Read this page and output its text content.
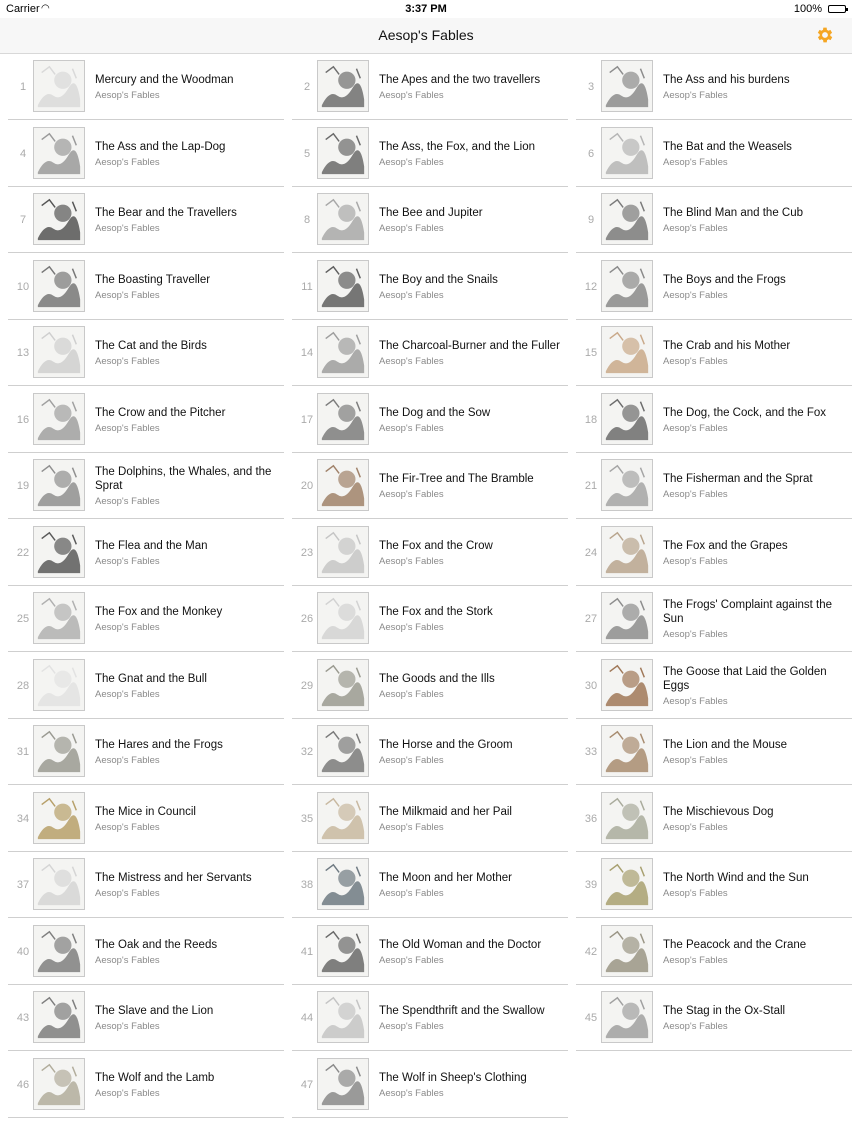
Carrier ◠	3:37 PM	100%
Aesop's Fables
1
Mercury and the Woodman
Aesop's Fables
2
The Apes and the two travellers
Aesop's Fables
3
The Ass and his burdens
Aesop's Fables
4
The Ass and the Lap-Dog
Aesop's Fables
5
The Ass, the Fox, and the Lion
Aesop's Fables
6
The Bat and the Weasels
Aesop's Fables
7
The Bear and the Travellers
Aesop's Fables
8
The Bee and Jupiter
Aesop's Fables
9
The Blind Man and the Cub
Aesop's Fables
10
The Boasting Traveller
Aesop's Fables
11
The Boy and the Snails
Aesop's Fables
12
The Boys and the Frogs
Aesop's Fables
13
The Cat and the Birds
Aesop's Fables
14
The Charcoal-Burner and the Fuller
Aesop's Fables
15
The Crab and his Mother
Aesop's Fables
16
The Crow and the Pitcher
Aesop's Fables
17
The Dog and the Sow
Aesop's Fables
18
The Dog, the Cock, and the Fox
Aesop's Fables
19
The Dolphins, the Whales, and the Sprat
Aesop's Fables
20
The Fir-Tree and The Bramble
Aesop's Fables
21
The Fisherman and the Sprat
Aesop's Fables
22
The Flea and the Man
Aesop's Fables
23
The Fox and the Crow
Aesop's Fables
24
The Fox and the Grapes
Aesop's Fables
25
The Fox and the Monkey
Aesop's Fables
26
The Fox and the Stork
Aesop's Fables
27
The Frogs' Complaint against the Sun
Aesop's Fables
28
The Gnat and the Bull
Aesop's Fables
29
The Goods and the Ills
Aesop's Fables
30
The Goose that Laid the Golden Eggs
Aesop's Fables
31
The Hares and the Frogs
Aesop's Fables
32
The Horse and the Groom
Aesop's Fables
33
The Lion and the Mouse
Aesop's Fables
34
The Mice in Council
Aesop's Fables
35
The Milkmaid and her Pail
Aesop's Fables
36
The Mischievous Dog
Aesop's Fables
37
The Mistress and her Servants
Aesop's Fables
38
The Moon and her Mother
Aesop's Fables
39
The North Wind and the Sun
Aesop's Fables
40
The Oak and the Reeds
Aesop's Fables
41
The Old Woman and the Doctor
Aesop's Fables
42
The Peacock and the Crane
Aesop's Fables
43
The Slave and the Lion
Aesop's Fables
44
The Spendthrift and the Swallow
Aesop's Fables
45
The Stag in the Ox-Stall
Aesop's Fables
46
The Wolf and the Lamb
Aesop's Fables
47
The Wolf in Sheep's Clothing
Aesop's Fables
